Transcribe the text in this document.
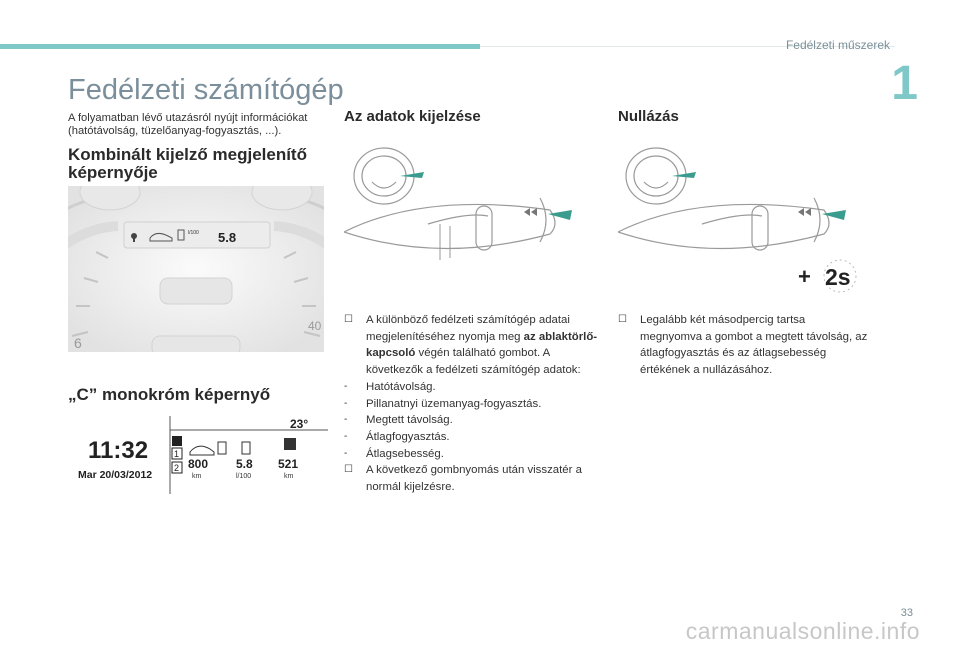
Fedélzeti műszerek
1
Fedélzeti számítógép
A folyamatban lévő utazásról nyújt információkat (hatótávolság, tüzelőanyag-fogyasztás, ...).
Kombinált kijelző megjelenítő képernyője
l/100 5.8
6
40
„C” monokróm képernyő
23°
11:32
Mar 20/03/2012
1
2 800
km
5.8
l/100
521
km
Az adatok kijelzése	Nullázás
+ 2s
☐ A különböző fedélzeti számítógép adatai megjelenítéséhez nyomja meg az ablaktörlő-kapcsoló végén található gombot. A következők a fedélzeti számítógép adatok:
- Hatótávolság.
- Pillanatnyi üzemanyag-fogyasztás.
- Megtett távolság.
- Átlagfogyasztás.
- Átlagsebesség.
☐ A következő gombnyomás után visszatér a normál kijelzésre.
☐ Legalább két másodpercig tartsa megnyomva a gombot a megtett távolság, az átlagfogyasztás és az átlagsebesség értékének a nullázásához.
33
carmanualsonline.info
